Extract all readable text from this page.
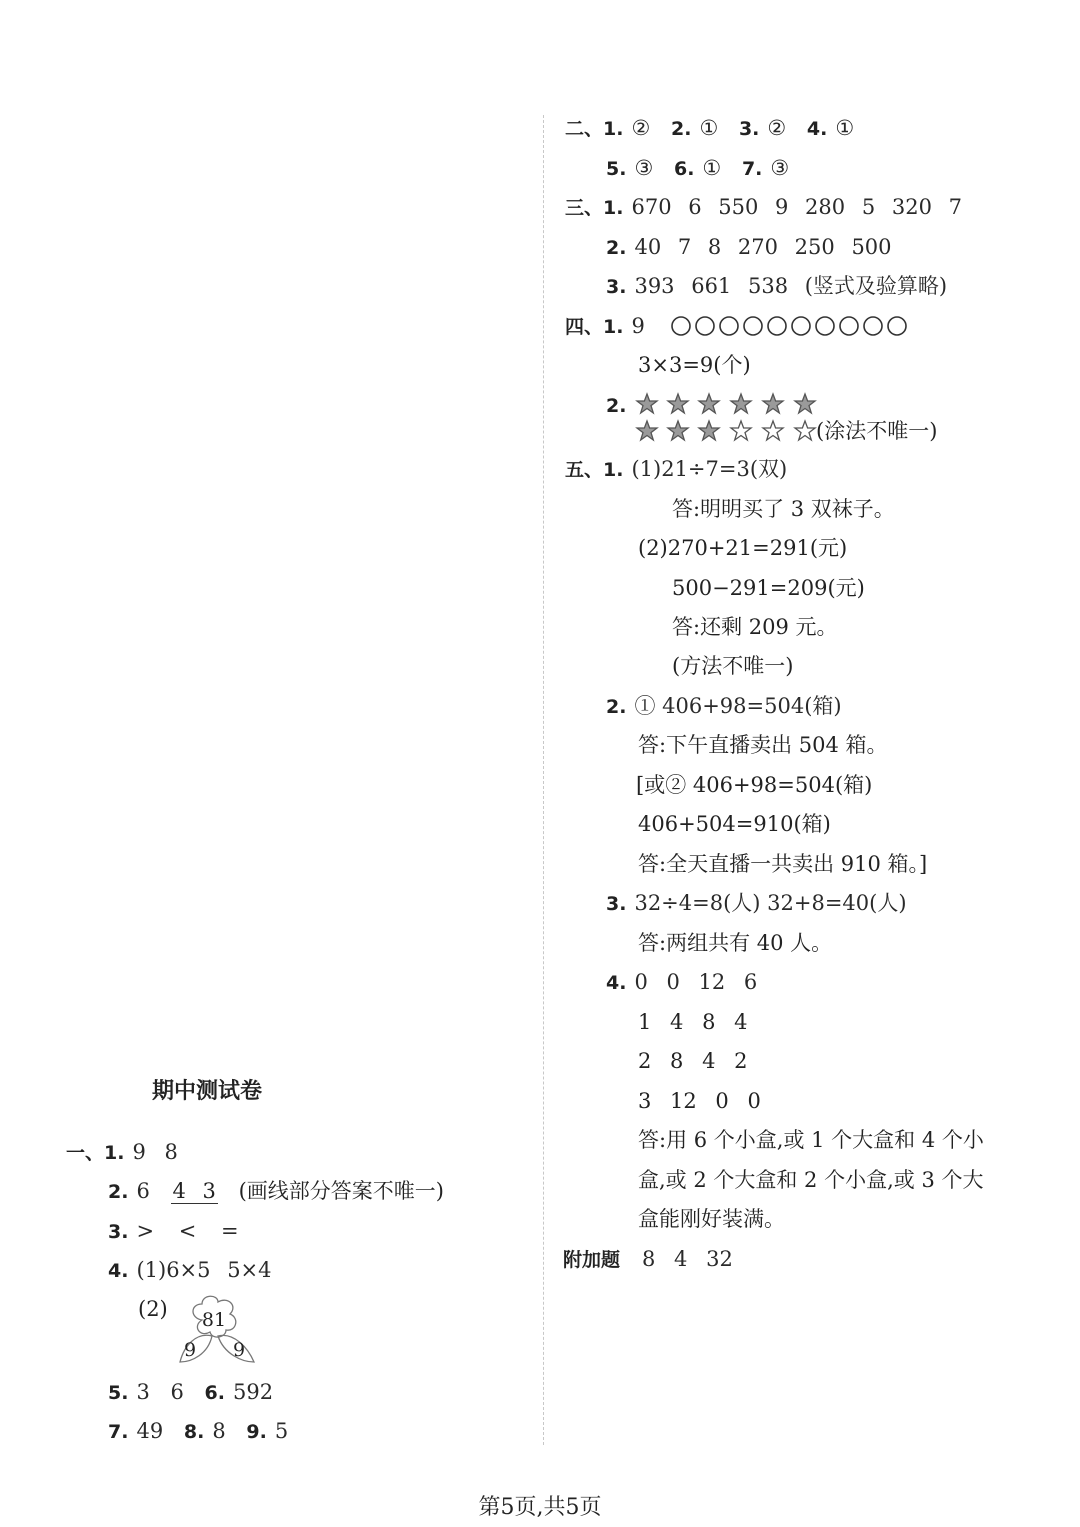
二、1. ② 2. ① 3. ② 4. ①
5. ③ 6. ① 7. ③
三、1. 670 6 550 9 280 5 320 7
2. 40 7 8 270 250 500
3. 393 661 538 (竖式及验算略)
四、1. 9
3×3=9(个)
2.
(涂法不唯一)
五、1. (1)21÷7=3(双)
答:明明买了 3 双袜子。
(2)270+21=291(元)
500−291=209(元)
答:还剩 209 元。
(方法不唯一)
2. ① 406+98=504(箱)
答:下午直播卖出 504 箱。
[或② 406+98=504(箱)
406+504=910(箱)
答:全天直播一共卖出 910 箱。]
3. 32÷4=8(人) 32+8=40(人)
答:两组共有 40 人。
4. 0 0 12 6
1 4 8 4
2 8 4 2
3 12 0 0
答:用 6 个小盒,或 1 个大盒和 4 个小
盒,或 2 个大盒和 2 个小盒,或 3 个大
盒能刚好装满。
附加题 8 4 32
期中测试卷
一、1. 9 8
2. 6 4 3 (画线部分答案不唯一)
3. > < =
4. (1)6×5 5×4
(2) 81
9 9
5. 3 6 6. 592
7. 49 8. 8 9. 5
第5页,共5页
